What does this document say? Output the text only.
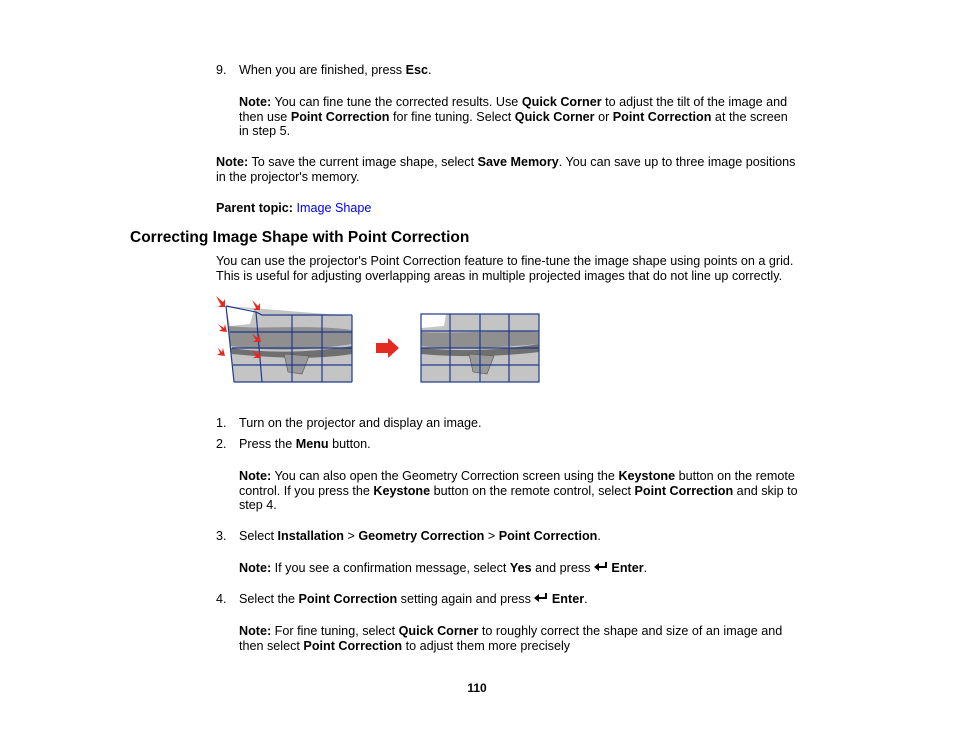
9. When you are finished, press Esc.
Note: You can fine tune the corrected results. Use Quick Corner to adjust the tilt of the image and
then use Point Correction for fine tuning. Select Quick Corner or Point Correction at the screen
in step 5.
Note: To save the current image shape, select Save Memory. You can save up to three image positions
in the projector's memory.
Parent topic: Image Shape
Correcting Image Shape with Point Correction
You can use the projector's Point Correction feature to fine-tune the image shape using points on a grid.
This is useful for adjusting overlapping areas in multiple projected images that do not line up correctly.
1. Turn on the projector and display an image.
2. Press the Menu button.
Note: You can also open the Geometry Correction screen using the Keystone button on the remote
control. If you press the Keystone button on the remote control, select Point Correction and skip to
step 4.
3. Select Installation > Geometry Correction > Point Correction.
Note: If you see a confirmation message, select Yes and press  Enter.
4. Select the Point Correction setting again and press  Enter.
Note: For fine tuning, select Quick Corner to roughly correct the shape and size of an image and
then select Point Correction to adjust them more precisely
110
